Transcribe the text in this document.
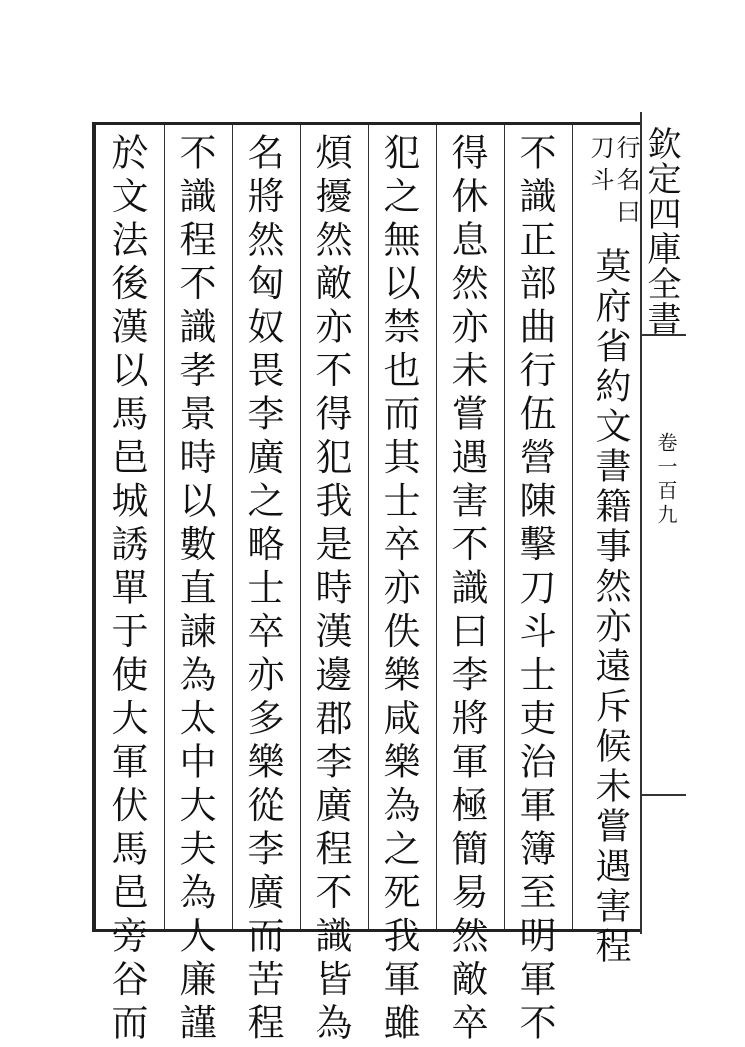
欽定四庫全書
卷一百九
行名曰
刀斗
莫府省約文書籍事然亦遠斥候未嘗遇害程
不識正部曲行伍營陳擊刀斗士吏治軍簿至明軍不
得休息然亦未嘗遇害不識曰李將軍極簡易然敵卒
犯之無以禁也而其士卒亦佚樂咸樂為之死我軍雖
煩擾然敵亦不得犯我是時漢邊郡李廣程不識皆為
名將然匈奴畏李廣之略士卒亦多樂從李廣而苦程
不識程不識孝景時以數直諫為太中大夫為人廉謹
於文法後漢以馬邑城誘單于使大軍伏馬邑旁谷而
